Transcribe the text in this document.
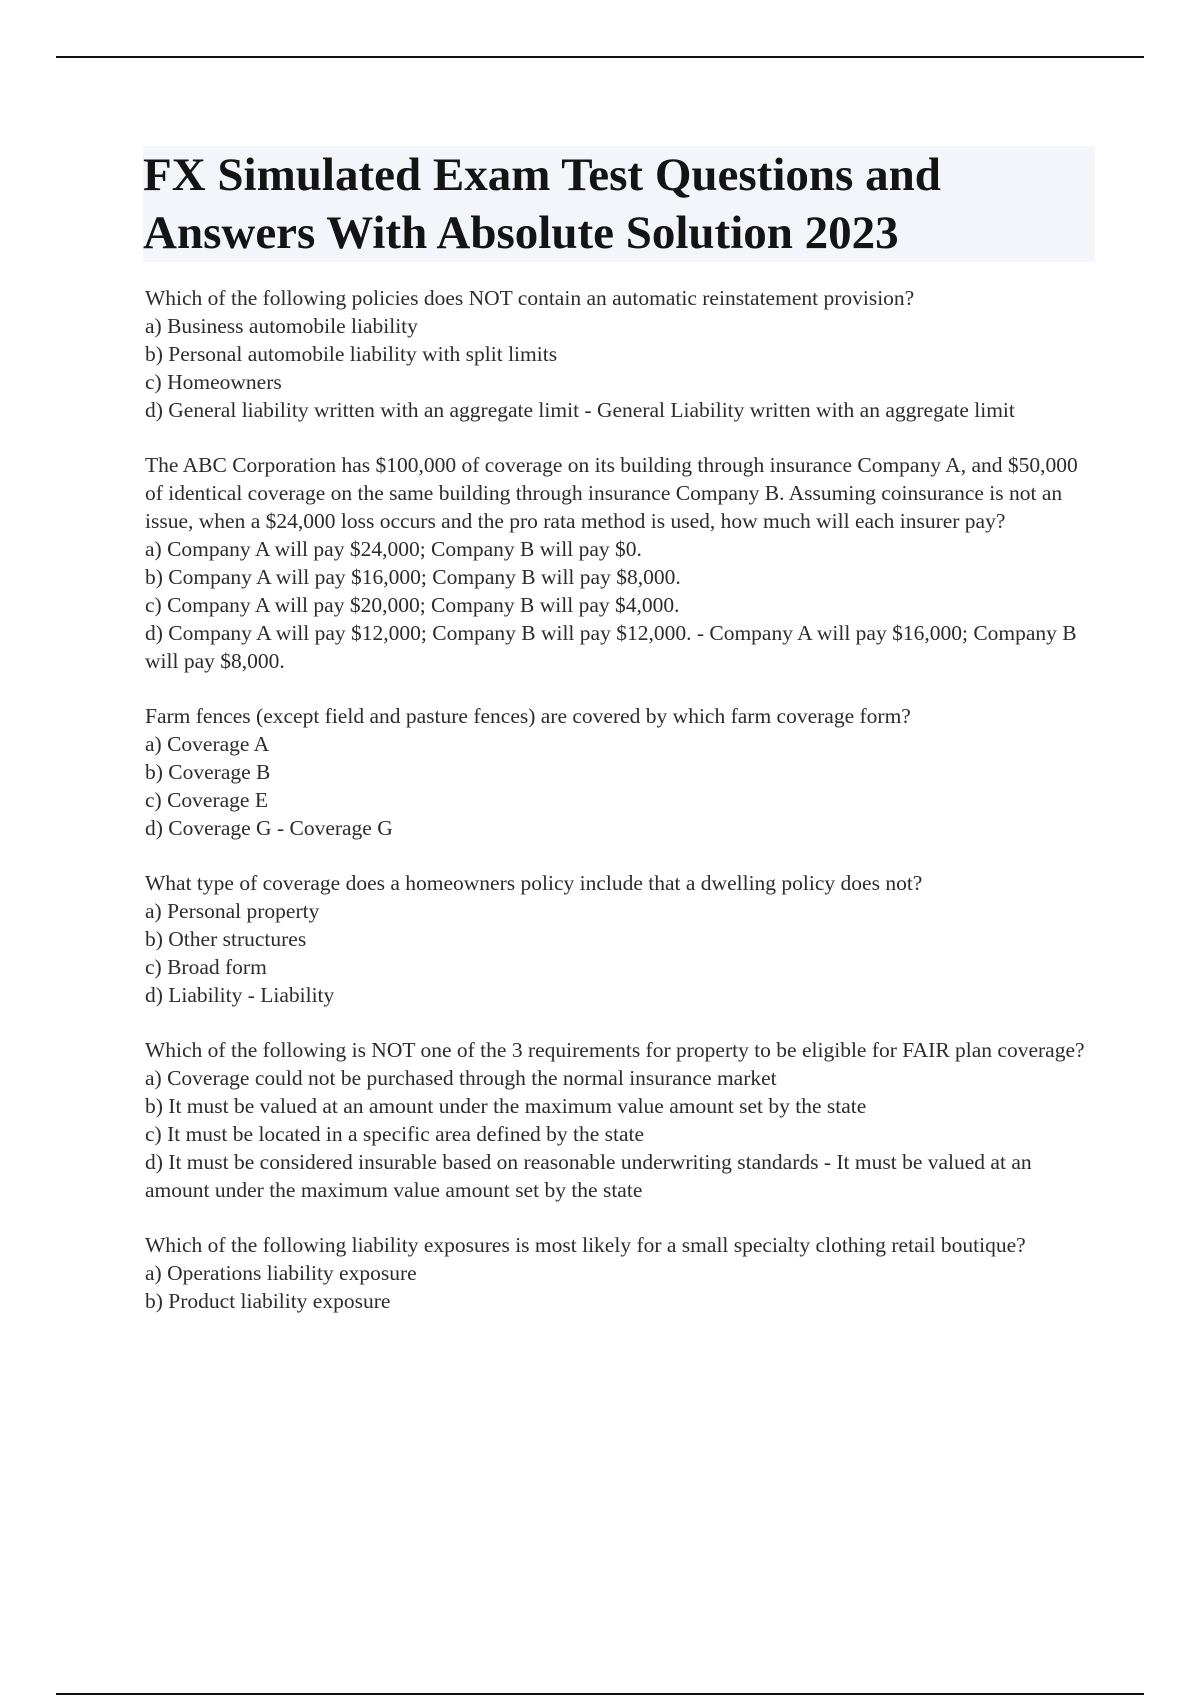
FX Simulated Exam Test Questions and Answers With Absolute Solution 2023
Which of the following policies does NOT contain an automatic reinstatement provision?
a) Business automobile liability
b) Personal automobile liability with split limits
c) Homeowners
d) General liability written with an aggregate limit - General Liability written with an aggregate limit
The ABC Corporation has $100,000 of coverage on its building through insurance Company A, and $50,000 of identical coverage on the same building through insurance Company B. Assuming coinsurance is not an issue, when a $24,000 loss occurs and the pro rata method is used, how much will each insurer pay?
a) Company A will pay $24,000; Company B will pay $0.
b) Company A will pay $16,000; Company B will pay $8,000.
c) Company A will pay $20,000; Company B will pay $4,000.
d) Company A will pay $12,000; Company B will pay $12,000. - Company A will pay $16,000; Company B will pay $8,000.
Farm fences (except field and pasture fences) are covered by which farm coverage form?
a) Coverage A
b) Coverage B
c) Coverage E
d) Coverage G - Coverage G
What type of coverage does a homeowners policy include that a dwelling policy does not?
a) Personal property
b) Other structures
c) Broad form
d) Liability - Liability
Which of the following is NOT one of the 3 requirements for property to be eligible for FAIR plan coverage?
a) Coverage could not be purchased through the normal insurance market
b) It must be valued at an amount under the maximum value amount set by the state
c) It must be located in a specific area defined by the state
d) It must be considered insurable based on reasonable underwriting standards - It must be valued at an amount under the maximum value amount set by the state
Which of the following liability exposures is most likely for a small specialty clothing retail boutique?
a) Operations liability exposure
b) Product liability exposure
